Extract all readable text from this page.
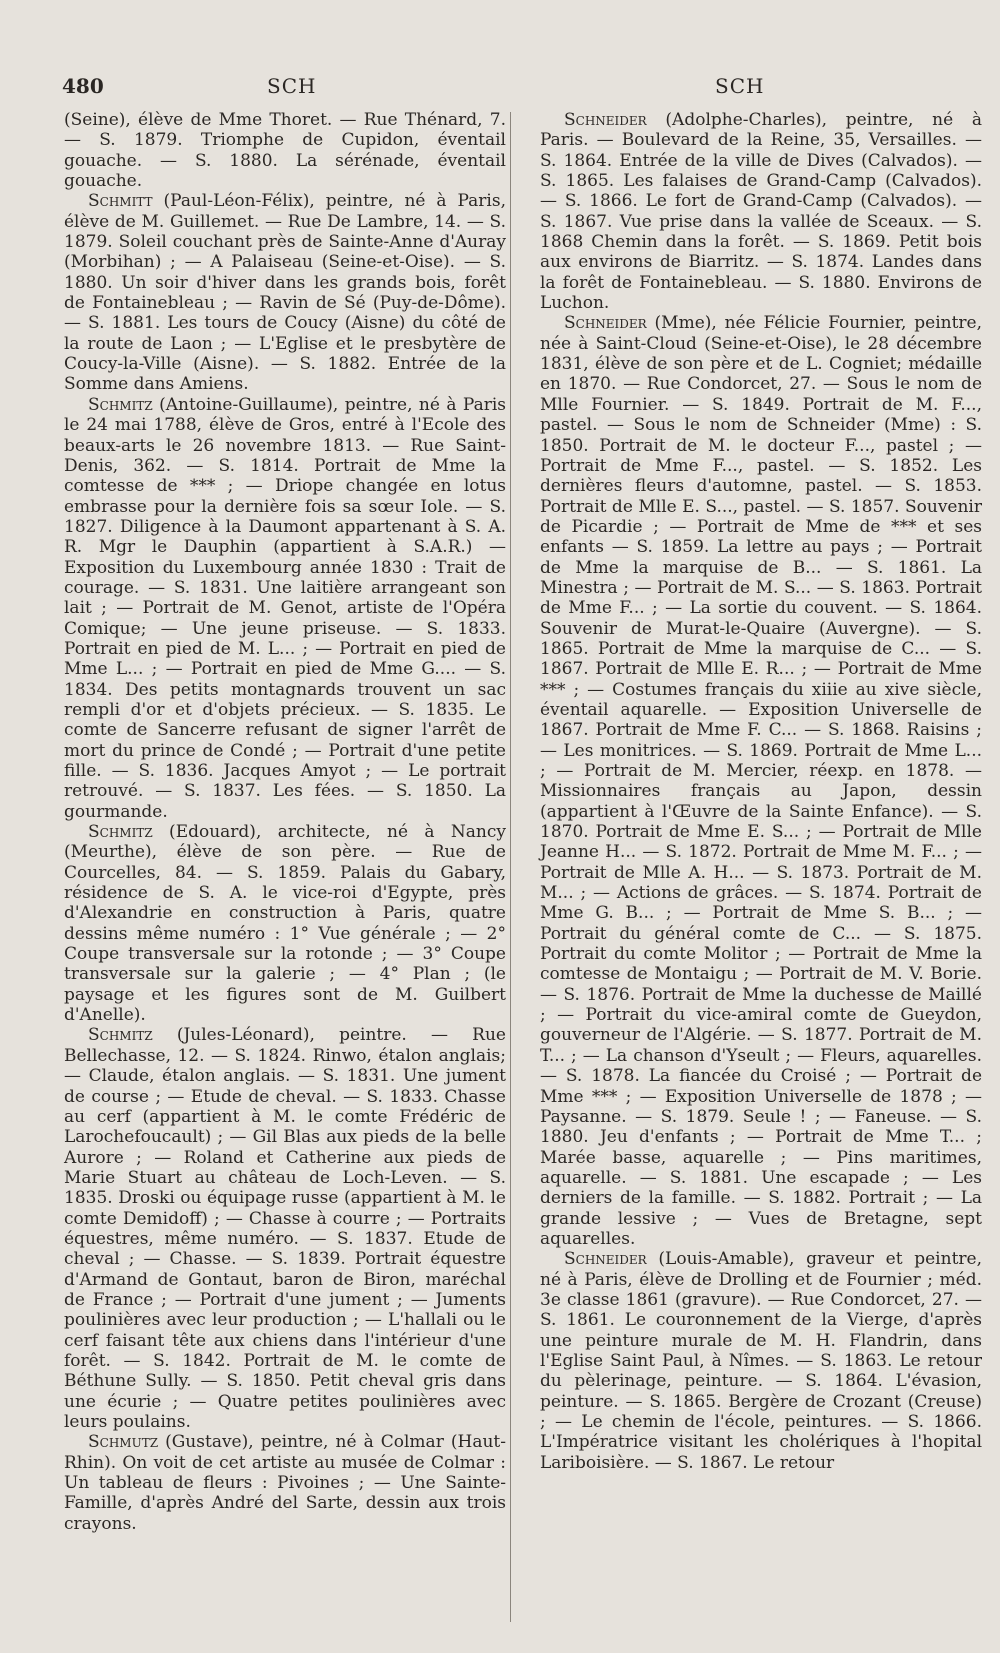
480	SCH	SCH

(Seine), élève de Mme Thoret. — Rue Thénard, 7. — S. 1879. Triomphe de Cupidon, éventail gouache. — S. 1880. La sérénade, éventail gouache.

Schmitt (Paul-Léon-Félix), peintre, né à Paris, élève de M. Guillemet. — Rue De Lambre, 14. — S. 1879. Soleil couchant près de Sainte-Anne d'Auray (Morbihan) ; — A Palaiseau (Seine-et-Oise). — S. 1880. Un soir d'hiver dans les grands bois, forêt de Fontainebleau ; — Ravin de Sé (Puy-de-Dôme). — S. 1881. Les tours de Coucy (Aisne) du côté de la route de Laon ; — L'Eglise et le presbytère de Coucy-la-Ville (Aisne). — S. 1882. Entrée de la Somme dans Amiens.

Schmitz (Antoine-Guillaume), peintre, né à Paris le 24 mai 1788, élève de Gros, entré à l'Ecole des beaux-arts le 26 novembre 1813. — Rue Saint-Denis, 362. — S. 1814. Portrait de Mme la comtesse de *** ; — Driope changée en lotus embrasse pour la dernière fois sa sœur Iole. — S. 1827. Diligence à la Daumont appartenant à S. A. R. Mgr le Dauphin (appartient à S.A.R.) — Exposition du Luxembourg année 1830 : Trait de courage. — S. 1831. Une laitière arrangeant son lait ; — Portrait de M. Genot, artiste de l'Opéra Comique; — Une jeune priseuse. — S. 1833. Portrait en pied de M. L... ; — Portrait en pied de Mme L... ; — Portrait en pied de Mme G.... — S. 1834. Des petits montagnards trouvent un sac rempli d'or et d'objets précieux. — S. 1835. Le comte de Sancerre refusant de signer l'arrêt de mort du prince de Condé ; — Portrait d'une petite fille. — S. 1836. Jacques Amyot ; — Le portrait retrouvé. — S. 1837. Les fées. — S. 1850. La gourmande.

Schmitz (Edouard), architecte, né à Nancy (Meurthe), élève de son père. — Rue de Courcelles, 84. — S. 1859. Palais du Gabary, résidence de S. A. le vice-roi d'Egypte, près d'Alexandrie en construction à Paris, quatre dessins même numéro : 1° Vue générale ; — 2° Coupe transversale sur la rotonde ; — 3° Coupe transversale sur la galerie ; — 4° Plan ; (le paysage et les figures sont de M. Guilbert d'Anelle).

Schmitz (Jules-Léonard), peintre. — Rue Bellechasse, 12. — S. 1824. Rinwo, étalon anglais; — Claude, étalon anglais. — S. 1831. Une jument de course ; — Etude de cheval. — S. 1833. Chasse au cerf (appartient à M. le comte Frédéric de Larochefoucault) ; — Gil Blas aux pieds de la belle Aurore ; — Roland et Catherine aux pieds de Marie Stuart au château de Loch-Leven. — S. 1835. Droski ou équipage russe (appartient à M. le comte Demidoff) ; — Chasse à courre ; — Portraits équestres, même numéro. — S. 1837. Etude de cheval ; — Chasse. — S. 1839. Portrait équestre d'Armand de Gontaut, baron de Biron, maréchal de France ; — Portrait d'une jument ; — Juments poulinières avec leur production ; — L'hallali ou le cerf faisant tête aux chiens dans l'intérieur d'une forêt. — S. 1842. Portrait de M. le comte de Béthune Sully. — S. 1850. Petit cheval gris dans une écurie ; — Quatre petites poulinières avec leurs poulains.

Schmutz (Gustave), peintre, né à Colmar (Haut-Rhin). On voit de cet artiste au musée de Colmar : Un tableau de fleurs : Pivoines ; — Une Sainte-Famille, d'après André del Sarte, dessin aux trois crayons.

Schneider (Adolphe-Charles), peintre, né à Paris. — Boulevard de la Reine, 35, Versailles. — S. 1864. Entrée de la ville de Dives (Calvados). — S. 1865. Les falaises de Grand-Camp (Calvados). — S. 1866. Le fort de Grand-Camp (Calvados). — S. 1867. Vue prise dans la vallée de Sceaux. — S. 1868 Chemin dans la forêt. — S. 1869. Petit bois aux environs de Biarritz. — S. 1874. Landes dans la forêt de Fontainebleau. — S. 1880. Environs de Luchon.

Schneider (Mme), née Félicie Fournier, peintre, née à Saint-Cloud (Seine-et-Oise), le 28 décembre 1831, élève de son père et de L. Cogniet; médaille en 1870. — Rue Condorcet, 27. — Sous le nom de Mlle Fournier. — S. 1849. Portrait de M. F..., pastel. — Sous le nom de Schneider (Mme) : S. 1850. Portrait de M. le docteur F..., pastel ; — Portrait de Mme F..., pastel. — S. 1852. Les dernières fleurs d'automne, pastel. — S. 1853. Portrait de Mlle E. S..., pastel. — S. 1857. Souvenir de Picardie ; — Portrait de Mme de *** et ses enfants — S. 1859. La lettre au pays ; — Portrait de Mme la marquise de B... — S. 1861. La Minestra ; — Portrait de M. S... — S. 1863. Portrait de Mme F... ; — La sortie du couvent. — S. 1864. Souvenir de Murat-le-Quaire (Auvergne). — S. 1865. Portrait de Mme la marquise de C... — S. 1867. Portrait de Mlle E. R... ; — Portrait de Mme *** ; — Costumes français du xiiie au xive siècle, éventail aquarelle. — Exposition Universelle de 1867. Portrait de Mme F. C... — S. 1868. Raisins ; — Les monitrices. — S. 1869. Portrait de Mme L... ; — Portrait de M. Mercier, réexp. en 1878. — Missionnaires français au Japon, dessin (appartient à l'Œuvre de la Sainte Enfance). — S. 1870. Portrait de Mme E. S... ; — Portrait de Mlle Jeanne H... — S. 1872. Portrait de Mme M. F... ; — Portrait de Mlle A. H... — S. 1873. Portrait de M. M... ; — Actions de grâces. — S. 1874. Portrait de Mme G. B... ; — Portrait de Mme S. B... ; — Portrait du général comte de C... — S. 1875. Portrait du comte Molitor ; — Portrait de Mme la comtesse de Montaigu ; — Portrait de M. V. Borie. — S. 1876. Portrait de Mme la duchesse de Maillé ; — Portrait du vice-amiral comte de Gueydon, gouverneur de l'Algérie. — S. 1877. Portrait de M. T... ; — La chanson d'Yseult ; — Fleurs, aquarelles. — S. 1878. La fiancée du Croisé ; — Portrait de Mme *** ; — Exposition Universelle de 1878 ; — Paysanne. — S. 1879. Seule ! ; — Faneuse. — S. 1880. Jeu d'enfants ; — Portrait de Mme T... ; Marée basse, aquarelle ; — Pins maritimes, aquarelle. — S. 1881. Une escapade ; — Les derniers de la famille. — S. 1882. Portrait ; — La grande lessive ; — Vues de Bretagne, sept aquarelles.

Schneider (Louis-Amable), graveur et peintre, né à Paris, élève de Drolling et de Fournier ; méd. 3e classe 1861 (gravure). — Rue Condorcet, 27. — S. 1861. Le couronnement de la Vierge, d'après une peinture murale de M. H. Flandrin, dans l'Eglise Saint Paul, à Nîmes. — S. 1863. Le retour du pèlerinage, peinture. — S. 1864. L'évasion, peinture. — S. 1865. Bergère de Crozant (Creuse) ; — Le chemin de l'école, peintures. — S. 1866. L'Impératrice visitant les cholériques à l'hopital Lariboisière. — S. 1867. Le retour
